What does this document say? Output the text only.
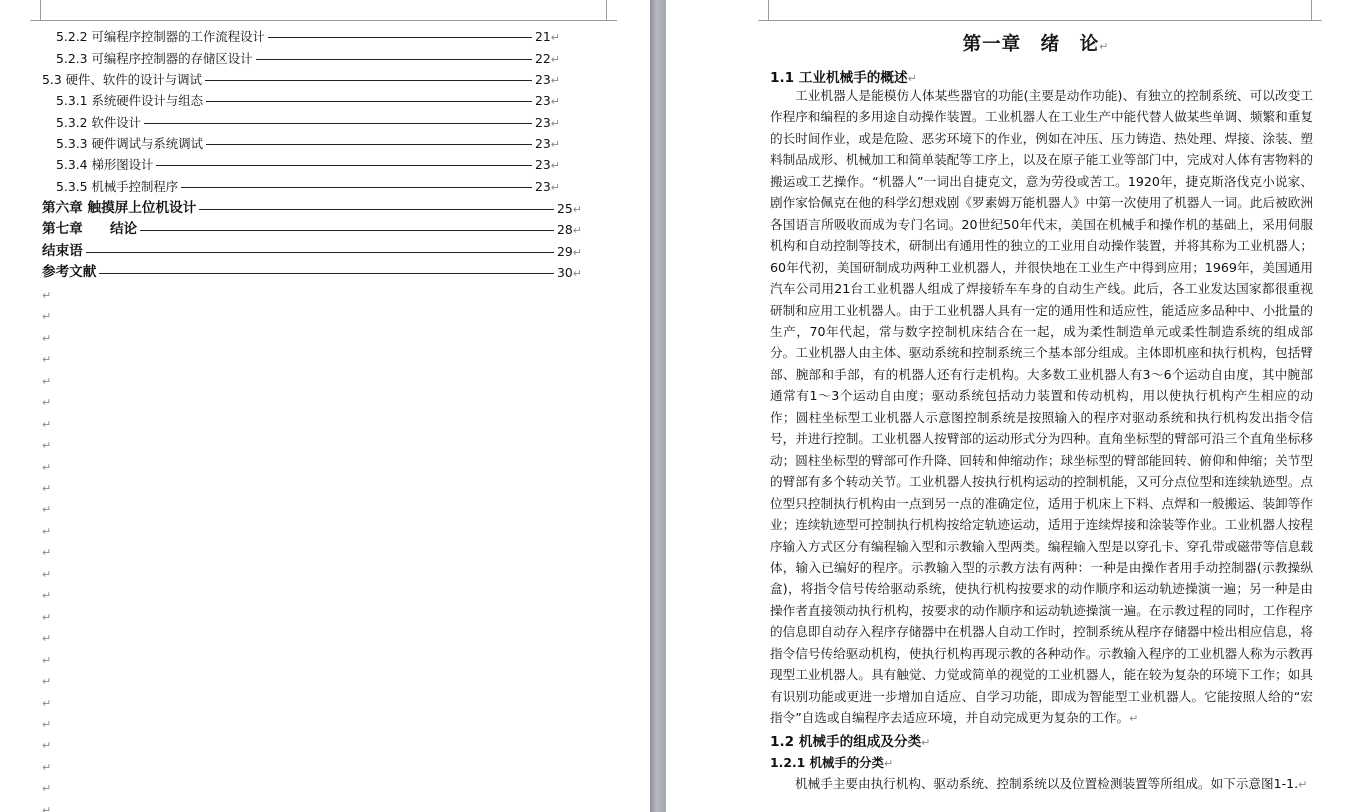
5.2.2 可编程序控制器的工作流程设计	21↵
5.2.3 可编程序控制器的存储区设计	22↵
5.3 硬件、软件的设计与调试	23↵
5.3.1 系统硬件设计与组态	23↵
5.3.2 软件设计	23↵
5.3.3 硬件调试与系统调试	23↵
5.3.4 梯形图设计	23↵
5.3.5 机械手控制程序	23↵
第六章 触摸屏上位机设计	25↵
第七章　　结论	28↵
结束语	29↵
参考文献	30↵
↵
↵
↵
↵
↵
↵
↵
↵
↵
↵
↵
↵
↵
↵
↵
↵
↵
↵
↵
↵
↵
↵
↵
↵
↵
第一章　绪　论↵
1.1 工业机械手的概述↵
工业机器人是能模仿人体某些器官的功能(主要是动作功能)、有独立的控制系统、可以改变工作程序和编程的多用途自动操作装置。工业机器人在工业生产中能代替人做某些单调、频繁和重复的长时间作业，或是危险、恶劣环境下的作业，例如在冲压、压力铸造、热处理、焊接、涂装、塑料制品成形、机械加工和简单装配等工序上，以及在原子能工业等部门中，完成对人体有害物料的搬运或工艺操作。“机器人”一词出自捷克文，意为劳役或苦工。1920年，捷克斯洛伐克小说家、剧作家恰佩克在他的科学幻想戏剧《罗素姆万能机器人》中第一次使用了机器人一词。此后被欧洲各国语言所吸收而成为专门名词。20世纪50年代末，美国在机械手和操作机的基础上，采用伺服机构和自动控制等技术，研制出有通用性的独立的工业用自动操作装置，并将其称为工业机器人；60年代初，美国研制成功两种工业机器人，并很快地在工业生产中得到应用；1969年，美国通用汽车公司用21台工业机器人组成了焊接轿车车身的自动生产线。此后，各工业发达国家都很重视研制和应用工业机器人。由于工业机器人具有一定的通用性和适应性，能适应多品种中、小批量的生产，70年代起，常与数字控制机床结合在一起，成为柔性制造单元或柔性制造系统的组成部分。工业机器人由主体、驱动系统和控制系统三个基本部分组成。主体即机座和执行机构，包括臂部、腕部和手部，有的机器人还有行走机构。大多数工业机器人有3～6个运动自由度，其中腕部通常有1～3个运动自由度；驱动系统包括动力装置和传动机构，用以使执行机构产生相应的动作；圆柱坐标型工业机器人示意图控制系统是按照输入的程序对驱动系统和执行机构发出指令信号，并进行控制。工业机器人按臂部的运动形式分为四种。直角坐标型的臂部可沿三个直角坐标移动；圆柱坐标型的臂部可作升降、回转和伸缩动作；球坐标型的臂部能回转、俯仰和伸缩；关节型的臂部有多个转动关节。工业机器人按执行机构运动的控制机能，又可分点位型和连续轨迹型。点位型只控制执行机构由一点到另一点的准确定位，适用于机床上下料、点焊和一般搬运、装卸等作业；连续轨迹型可控制执行机构按给定轨迹运动，适用于连续焊接和涂装等作业。工业机器人按程序输入方式区分有编程输入型和示教输入型两类。编程输入型是以穿孔卡、穿孔带或磁带等信息载体，输入已编好的程序。示教输入型的示教方法有两种：一种是由操作者用手动控制器(示教操纵盒)，将指令信号传给驱动系统，使执行机构按要求的动作顺序和运动轨迹操演一遍；另一种是由操作者直接领动执行机构，按要求的动作顺序和运动轨迹操演一遍。在示教过程的同时，工作程序的信息即自动存入程序存储器中在机器人自动工作时，控制系统从程序存储器中检出相应信息，将指令信号传给驱动机构，使执行机构再现示教的各种动作。示教输入程序的工业机器人称为示教再现型工业机器人。具有触觉、力觉或简单的视觉的工业机器人，能在较为复杂的环境下工作；如具有识别功能或更进一步增加自适应、自学习功能，即成为智能型工业机器人。它能按照人给的“宏指令”自选或自编程序去适应环境，并自动完成更为复杂的工作。↵
1.2 机械手的组成及分类↵
1.2.1 机械手的分类↵
机械手主要由执行机构、驱动系统、控制系统以及位置检测装置等所组成。如下示意图1-1.↵
